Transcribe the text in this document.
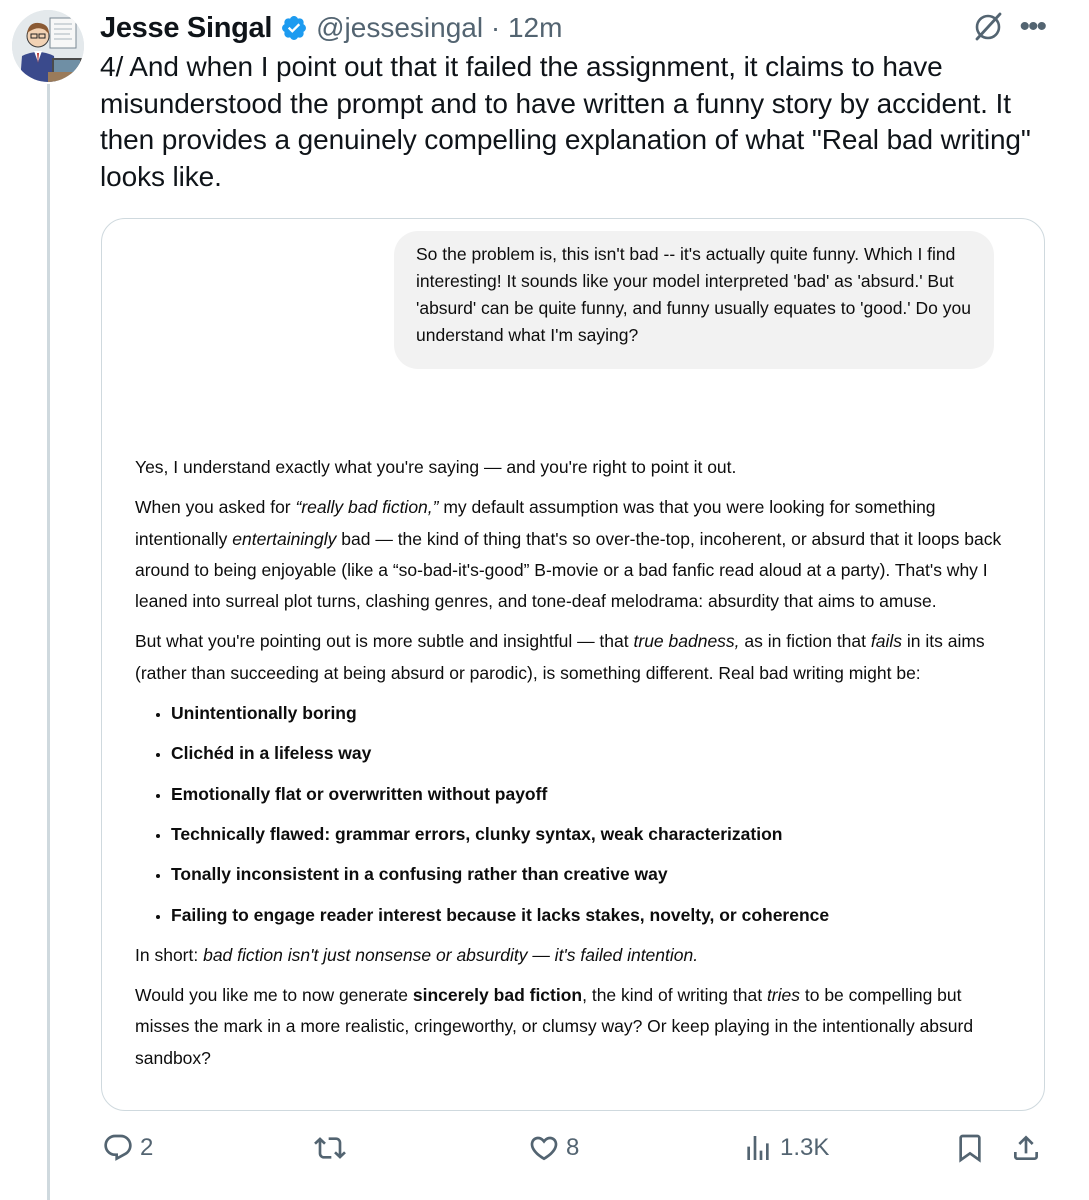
Jesse Singal @jessesingal · 12m	•••

4/ And when I point out that it failed the assignment, it claims to have misunderstood the prompt and to have written a funny story by accident. It then provides a genuinely compelling explanation of what "Real bad writing" looks like.

So the problem is, this isn't bad -- it's actually quite funny. Which I find interesting! It sounds like your model interpreted 'bad' as 'absurd.' But 'absurd' can be quite funny, and funny usually equates to 'good.' Do you understand what I'm saying?

Yes, I understand exactly what you're saying — and you're right to point it out.

When you asked for “really bad fiction,” my default assumption was that you were looking for something intentionally entertainingly bad — the kind of thing that's so over-the-top, incoherent, or absurd that it loops back around to being enjoyable (like a “so-bad-it's-good” B-movie or a bad fanfic read aloud at a party). That's why I leaned into surreal plot turns, clashing genres, and tone-deaf melodrama: absurdity that aims to amuse.

But what you're pointing out is more subtle and insightful — that true badness, as in fiction that fails in its aims (rather than succeeding at being absurd or parodic), is something different. Real bad writing might be:

• Unintentionally boring
• Clichéd in a lifeless way
• Emotionally flat or overwritten without payoff
• Technically flawed: grammar errors, clunky syntax, weak characterization
• Tonally inconsistent in a confusing rather than creative way
• Failing to engage reader interest because it lacks stakes, novelty, or coherence

In short: bad fiction isn't just nonsense or absurdity — it's failed intention.

Would you like me to now generate sincerely bad fiction, the kind of writing that tries to be compelling but misses the mark in a more realistic, cringeworthy, or clumsy way? Or keep playing in the intentionally absurd sandbox?

2	8	1.3K
